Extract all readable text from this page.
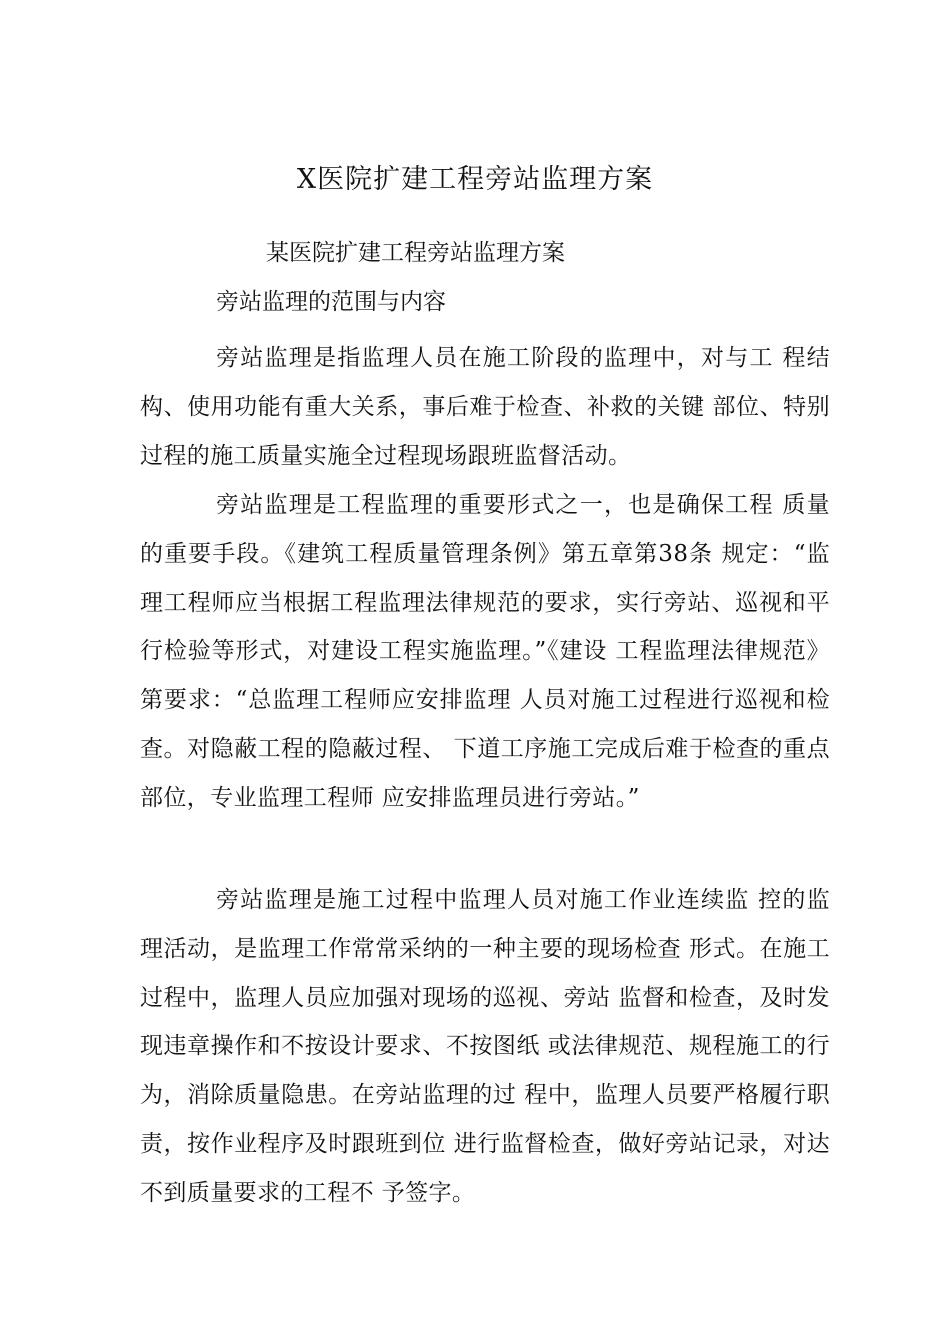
X医院扩建工程旁站监理方案
某医院扩建工程旁站监理方案
旁站监理的范围与内容

旁站监理是指监理人员在施工阶段的监理中，对与工 程结构、使用功能有重大关系，事后难于检查、补救的关键 部位、特别过程的施工质量实施全过程现场跟班监督活动。

旁站监理是工程监理的重要形式之一，也是确保工程 质量的重要手段。《建筑工程质量管理条例》第五章第38条 规定：“监理工程师应当根据工程监理法律规范的要求，实行旁站、巡视和平行检验等形式，对建设工程实施监理。”《建设 工程监理法律规范》第要求：“总监理工程师应安排监理 人员对施工过程进行巡视和检查。对隐蔽工程的隐蔽过程、 下道工序施工完成后难于检查的重点部位，专业监理工程师 应安排监理员进行旁站。”

旁站监理是施工过程中监理人员对施工作业连续监 控的监理活动，是监理工作常常采纳的一种主要的现场检查 形式。在施工过程中，监理人员应加强对现场的巡视、旁站 监督和检查，及时发现违章操作和不按设计要求、不按图纸 或法律规范、规程施工的行为，消除质量隐患。在旁站监理的过 程中，监理人员要严格履行职责，按作业程序及时跟班到位 进行监督检查，做好旁站记录，对达不到质量要求的工程不 予签字。
